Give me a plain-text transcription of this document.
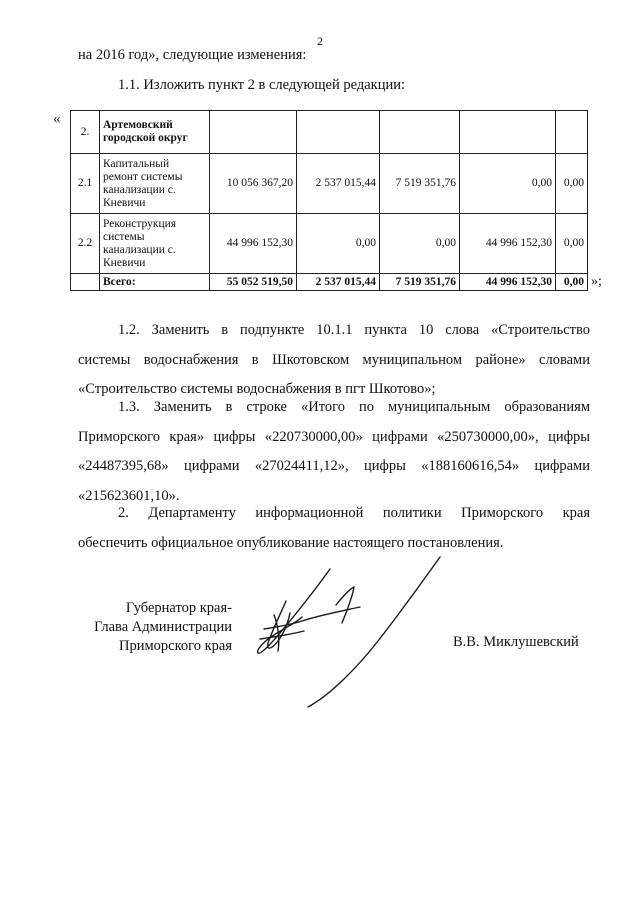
2
на 2016 год», следующие изменения:
1.1. Изложить пункт 2 в следующей редакции:
«
2.	Артемовский городской округ					
2.1	Капитальный ремонт системы канализации с. Кневичи	10 056 367,20	2 537 015,44	7 519 351,76	0,00	0,00
2.2	Реконструкция системы канализации с. Кневичи	44 996 152,30	0,00	0,00	44 996 152,30	0,00
	Всего:	55 052 519,50	2 537 015,44	7 519 351,76	44 996 152,30	0,00 »;
1.2. Заменить в подпункте 10.1.1 пункта 10 слова «Строительство
системы водоснабжения в Шкотовском муниципальном районе» словами
«Строительство системы водоснабжения в пгт Шкотово»;
1.3. Заменить в строке «Итого по муниципальным образованиям
Приморского края» цифры «220730000,00» цифрами «250730000,00», цифры
«24487395,68» цифрами «27024411,12», цифры «188160616,54» цифрами
«215623601,10».
2. Департаменту информационной политики Приморского края
обеспечить официальное опубликование настоящего постановления.
Губернатор края-
Глава Администрации
Приморского края	В.В. Миклушевский
